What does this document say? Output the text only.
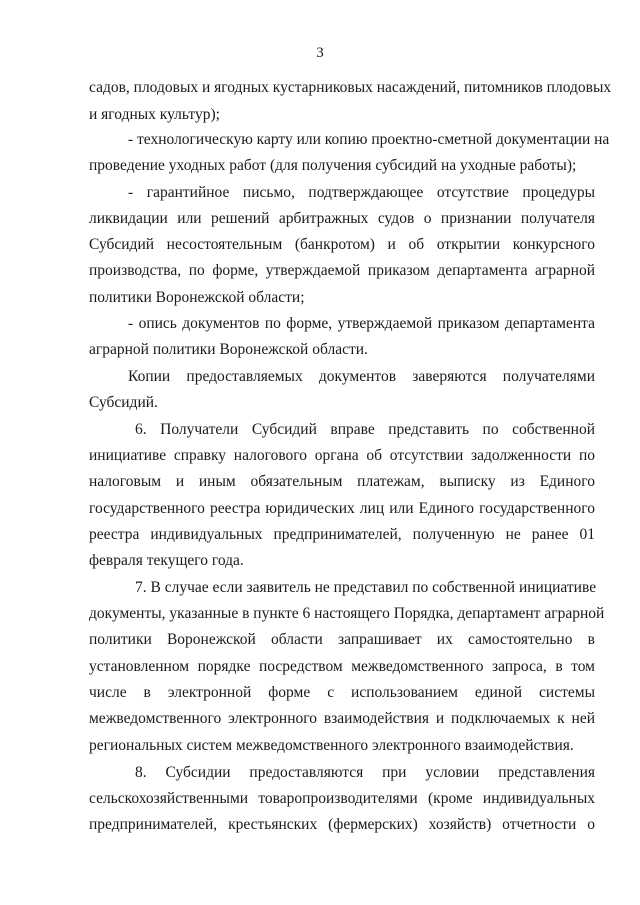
3
садов, плодовых и ягодных кустарниковых насаждений, питомников плодовых
и ягодных культур);
- технологическую карту или копию проектно-сметной документации на
проведение уходных работ (для получения субсидий на уходные работы);
- гарантийное письмо, подтверждающее отсутствие процедуры
ликвидации или решений арбитражных судов о признании получателя
Субсидий несостоятельным (банкротом) и об открытии конкурсного
производства, по форме, утверждаемой приказом департамента аграрной
политики Воронежской области;
- опись документов по форме, утверждаемой приказом департамента
аграрной политики Воронежской области.
Копии предоставляемых документов заверяются получателями
Субсидий.
6. Получатели Субсидий вправе представить по собственной
инициативе справку налогового органа об отсутствии задолженности по
налоговым и иным обязательным платежам, выписку из Единого
государственного реестра юридических лиц или Единого государственного
реестра индивидуальных предпринимателей, полученную не ранее 01
февраля текущего года.
7. В случае если заявитель не представил по собственной инициативе
документы, указанные в пункте 6 настоящего Порядка, департамент аграрной
политики Воронежской области запрашивает их самостоятельно в
установленном порядке посредством межведомственного запроса, в том
числе в электронной форме с использованием единой системы
межведомственного электронного взаимодействия и подключаемых к ней
региональных систем межведомственного электронного взаимодействия.
8. Субсидии предоставляются при условии представления
сельскохозяйственными товаропроизводителями (кроме индивидуальных
предпринимателей, крестьянских (фермерских) хозяйств) отчетности о
